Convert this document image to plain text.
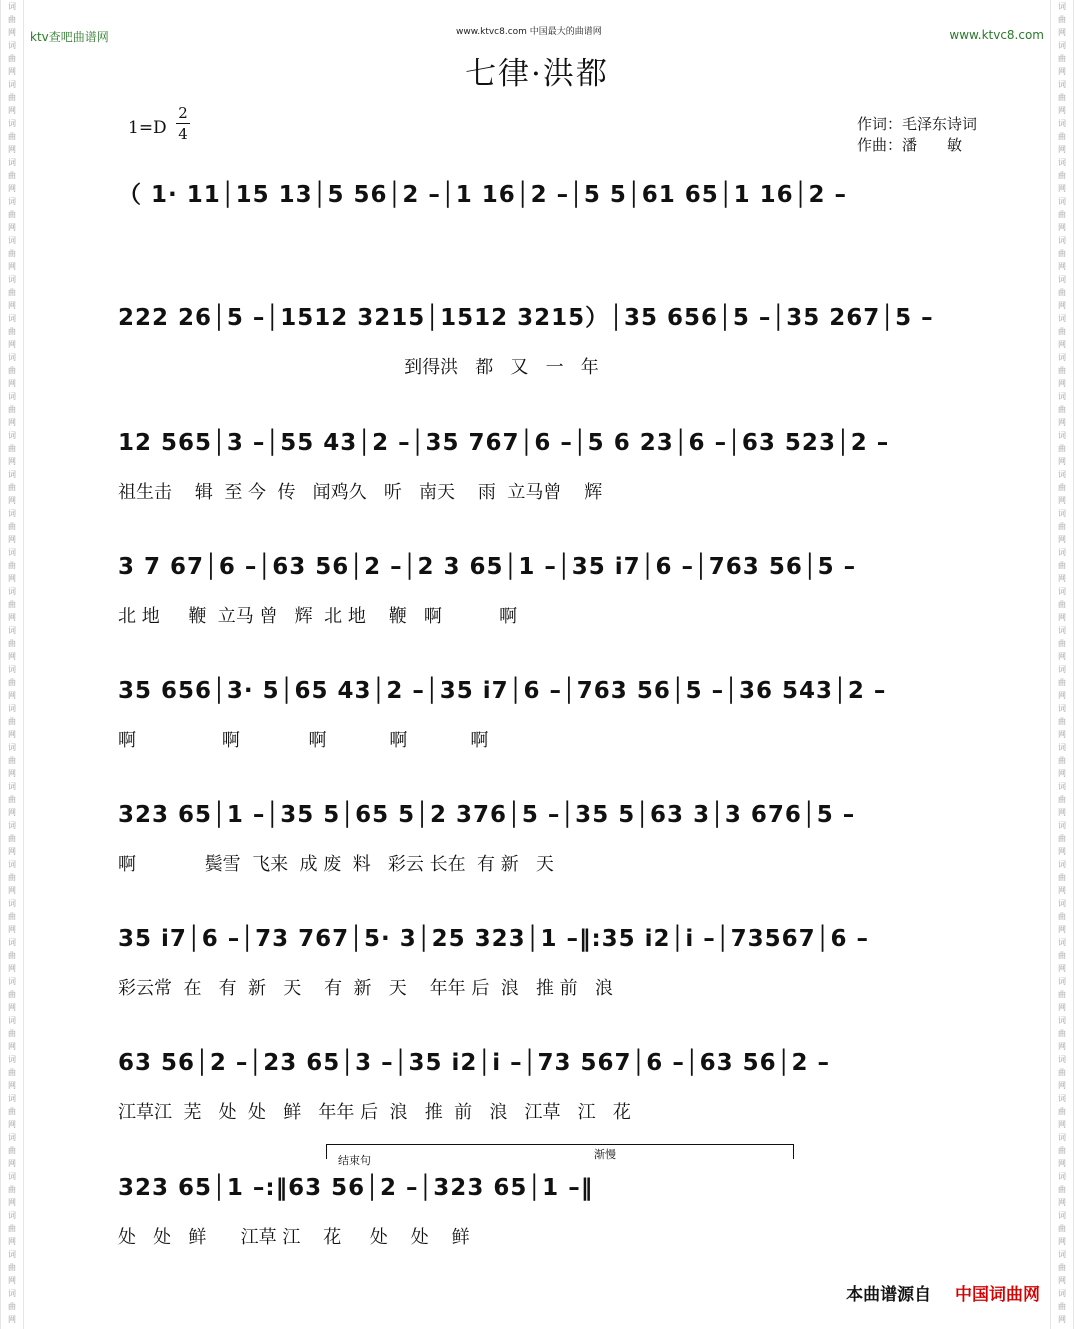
词
曲
网
词
曲
网
词
曲
网
词
曲
网
词
曲
网
词
曲
网
词
曲
网
词
曲
网
词
曲
网
词
曲
网
词
曲
网
词
曲
网
词
曲
网
词
曲
网
词
曲
网
词
曲
网
词
曲
网
词
曲
网
词
曲
网
词
曲
网
词
曲
网
词
曲
网
词
曲
网
词
曲
网
词
曲
网
词
曲
网
词
曲
网
词
曲
网
词
曲
网
词
曲
网
词
曲
网
词
曲
网
词
曲
网
词
曲
网
词
曲
网
词
曲
网
词
曲
网
词
曲
网
词
曲
网
词
曲
网
词
曲
网
词
曲
网
词
曲
网
词
曲
网
词
曲
网
词
曲
网
词
曲
网
词
曲
网
词
曲
网
词
曲
网
词
曲
网
词
曲
网
词
曲
网
词
曲
网
词
曲
网
词
曲
网
词
曲
网
词
曲
网
词
曲
网
词
曲
网
词
曲
网
词
曲
网
词
曲
网
词
曲
网
词
曲
网
词
曲
网
词
曲
网
词
曲
网
ktv查吧曲谱网	www.ktvc8.com 中国最大的曲谱网	www.ktvc8.com
七律·洪都
1=D
2
4
作词：毛泽东诗词
作曲：潘　　敏
（ 1· 11│15 13│5 56│2 –│1 16│2 –│5 5│61 65│1 16│2 –
222 26│5 –│1512 3215│1512 3215）│35 656│5 –│35 267│5 –
到得洪   都   又   一   年
12 565│3 –│55 43│2 –│35 767│6 –│5 6 23│6 –│63 523│2 –
祖生击    辑  至 今  传   闻鸡久   听   南天    雨  立马曾    辉
3 7 67│6 –│63 56│2 –│2 3 65│1 –│35 i7│6 –│763 56│5 –
北 地     鞭  立马 曾   辉  北 地    鞭   啊          啊
35 656│3· 5│65 43│2 –│35 i7│6 –│763 56│5 –│36 543│2 –
啊               啊            啊           啊           啊
323 65│1 –│35 5│65 5│2 376│5 –│35 5│63 3│3 676│5 –
啊            鬓雪  飞来  成 废  料   彩云 长在  有 新   天
35 i7│6 –│73 767│5· 3│25 323│1 –‖:35 i2│i –│73567│6 –
彩云常  在   有  新   天    有  新   天    年年 后  浪   推 前   浪
63 56│2 –│23 65│3 –│35 i2│i –│73 567│6 –│63 56│2 –
江草江  芜   处  处   鲜   年年 后  浪   推  前   浪   江草   江   花
323 65│1 –:‖63 56│2 –│323 65│1 –‖
处   处   鲜      江草 江    花     处    处    鲜
结束句	渐慢
本曲谱源自 中国词曲网
